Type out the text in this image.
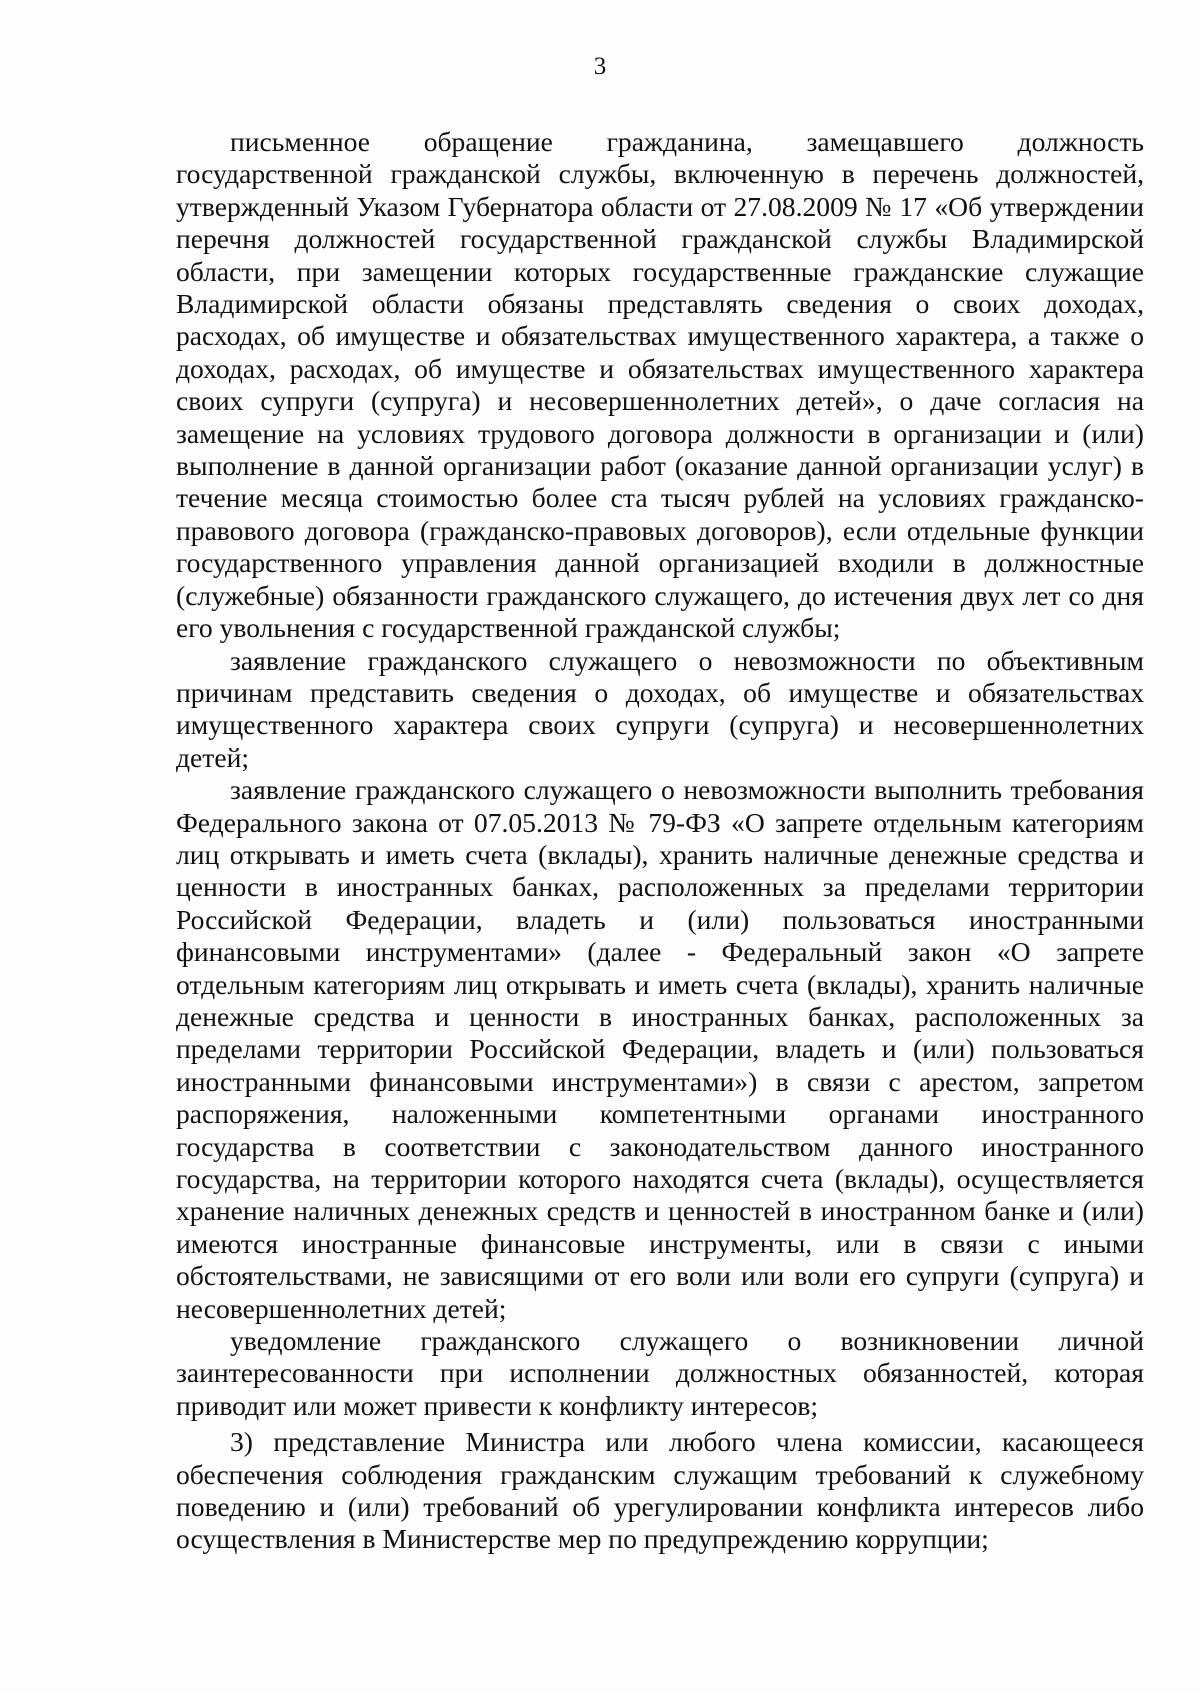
3

письменное обращение гражданина, замещавшего должность государственной гражданской службы, включенную в перечень должностей, утвержденный Указом Губернатора области от 27.08.2009 № 17 «Об утверждении перечня должностей государственной гражданской службы Владимирской области, при замещении которых государственные гражданские служащие Владимирской области обязаны представлять сведения о своих доходах, расходах, об имуществе и обязательствах имущественного характера, а также о доходах, расходах, об имуществе и обязательствах имущественного характера своих супруги (супруга) и несовершеннолетних детей», о даче согласия на замещение на условиях трудового договора должности в организации и (или) выполнение в данной организации работ (оказание данной организации услуг) в течение месяца стоимостью более ста тысяч рублей на условиях гражданско-правового договора (гражданско-правовых договоров), если отдельные функции государственного управления данной организацией входили в должностные (служебные) обязанности гражданского служащего, до истечения двух лет со дня его увольнения с государственной гражданской службы;

заявление гражданского служащего о невозможности по объективным причинам представить сведения о доходах, об имуществе и обязательствах имущественного характера своих супруги (супруга) и несовершеннолетних детей;

заявление гражданского служащего о невозможности выполнить требования Федерального закона от 07.05.2013 № 79-ФЗ «О запрете отдельным категориям лиц открывать и иметь счета (вклады), хранить наличные денежные средства и ценности в иностранных банках, расположенных за пределами территории Российской Федерации, владеть и (или) пользоваться иностранными финансовыми инструментами» (далее - Федеральный закон «О запрете отдельным категориям лиц открывать и иметь счета (вклады), хранить наличные денежные средства и ценности в иностранных банках, расположенных за пределами территории Российской Федерации, владеть и (или) пользоваться иностранными финансовыми инструментами») в связи с арестом, запретом распоряжения, наложенными компетентными органами иностранного государства в соответствии с законодательством данного иностранного государства, на территории которого находятся счета (вклады), осуществляется хранение наличных денежных средств и ценностей в иностранном банке и (или) имеются иностранные финансовые инструменты, или в связи с иными обстоятельствами, не зависящими от его воли или воли его супруги (супруга) и несовершеннолетних детей;

уведомление гражданского служащего о возникновении личной заинтересованности при исполнении должностных обязанностей, которая приводит или может привести к конфликту интересов;

3) представление Министра или любого члена комиссии, касающееся обеспечения соблюдения гражданским служащим требований к служебному поведению и (или) требований об урегулировании конфликта интересов либо осуществления в Министерстве мер по предупреждению коррупции;
